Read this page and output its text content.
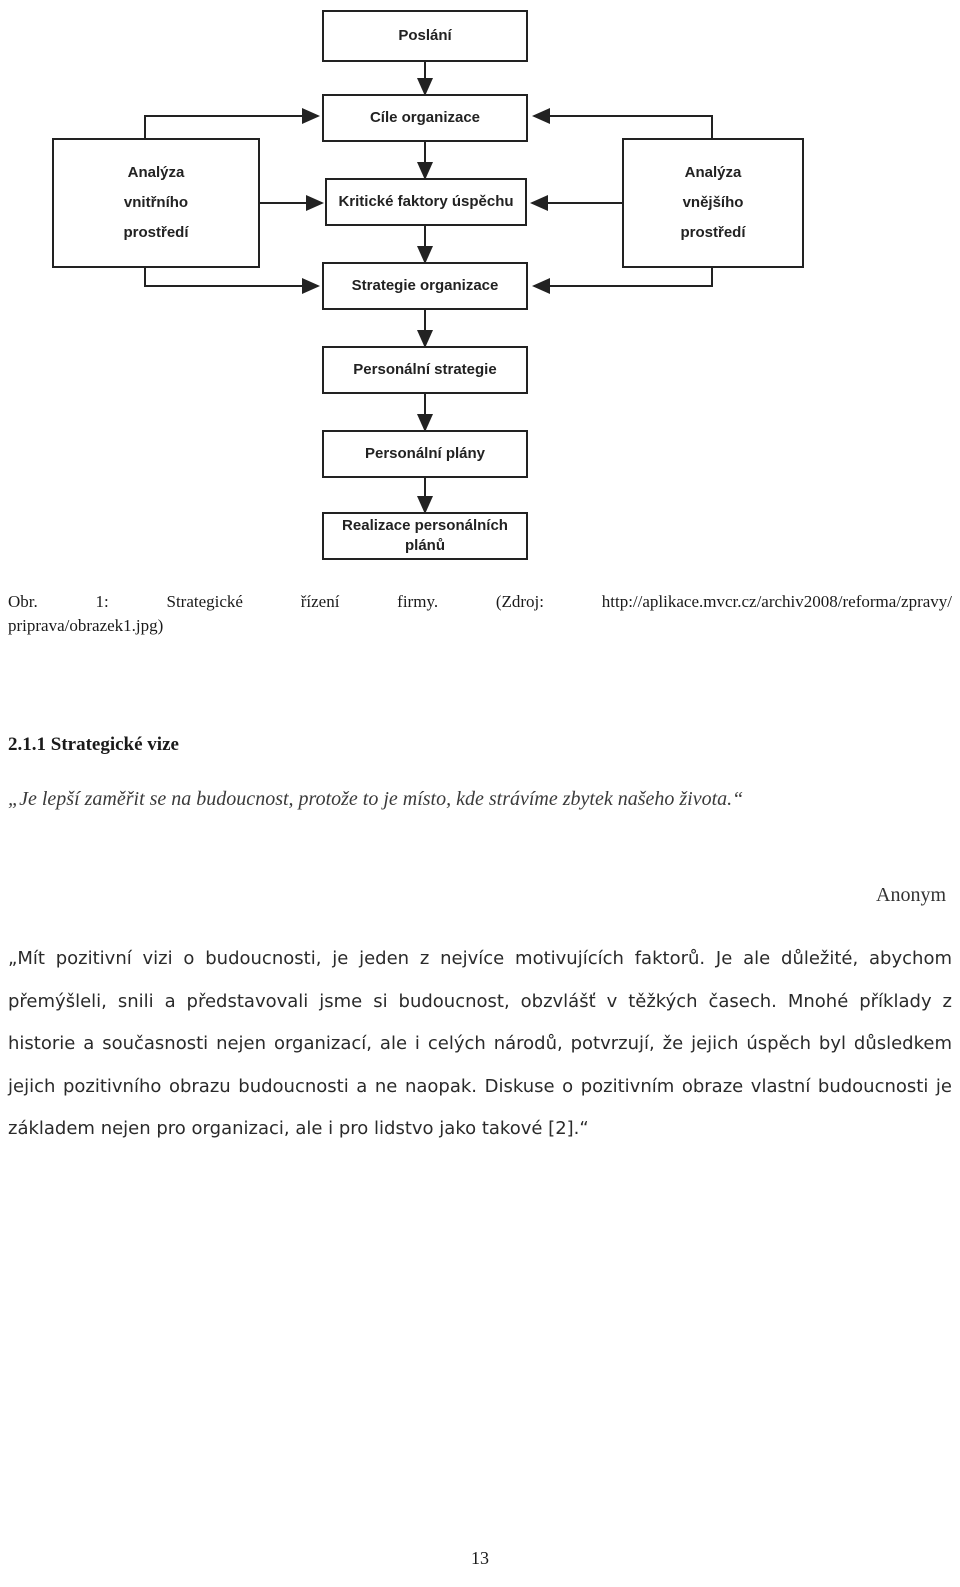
Poslání
Cíle organizace
Kritické faktory úspěchu
Strategie organizace
Personální strategie
Personální plány
Realizace personálních plánů
Analýza
vnitřního
prostředí
Analýza
vnějšího
prostředí
Obr. 1: Strategické řízení firmy. (Zdroj: http://aplikace.mvcr.cz/archiv2008/reforma/zpravy/
priprava/obrazek1.jpg)
2.1.1 Strategické vize
„Je lepší zaměřit se na budoucnost, protože to je místo, kde strávíme zbytek našeho života.“
Anonym
„Mít pozitivní vizi o budoucnosti, je jeden z nejvíce motivujících faktorů. Je ale důležité, abychom přemýšleli, snili a představovali jsme si budoucnost, obzvlášť v těžkých časech. Mnohé příklady z historie a současnosti nejen organizací, ale i celých národů, potvrzují, že jejich úspěch byl důsledkem jejich pozitivního obrazu budoucnosti a ne naopak. Diskuse o pozitivním obraze vlastní budoucnosti je základem nejen pro organizaci, ale i pro lidstvo jako takové [2].“
13
